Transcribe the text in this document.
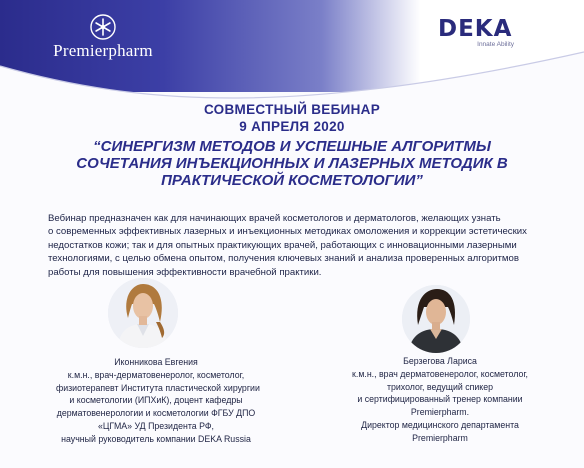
Premierpharm
DEKA
Innate Ability
СОВМЕСТНЫЙ ВЕБИНАР
9 АПРЕЛЯ 2020
“СИНЕРГИЗМ МЕТОДОВ И УСПЕШНЫЕ АЛГОРИТМЫ
СОЧЕТАНИЯ ИНЪЕКЦИОННЫХ И ЛАЗЕРНЫХ МЕТОДИК В
ПРАКТИЧЕСКОЙ КОСМЕТОЛОГИИ”

Вебинар предназначен как для начинающих врачей косметологов и дерматологов, желающих узнать
о современных эффективных лазерных и инъекционных методиках омоложения и коррекции эстетических
недостатков кожи; так и для опытных практикующих врачей, работающих с инновационными лазерными
технологиями, с целью обмена опытом, получения ключевых знаний и анализа проверенных алгоритмов
работы для повышения эффективности врачебной практики.

Иконникова Евгения
к.м.н., врач-дерматовенеролог, косметолог,
физиотерапевт Института пластической хирургии
и косметологии (ИПХиК), доцент кафедры
дерматовенерологии и косметологии ФГБУ ДПО
«ЦГМА» УД Президента РФ,
научный руководитель компании DEKA Russia

Берзегова Лариса
к.м.н., врач дерматовенеролог, косметолог,
трихолог, ведущий спикер
и сертифицированный тренер компании
Premierpharm.
Директор медицинского департамента
Premierpharm
